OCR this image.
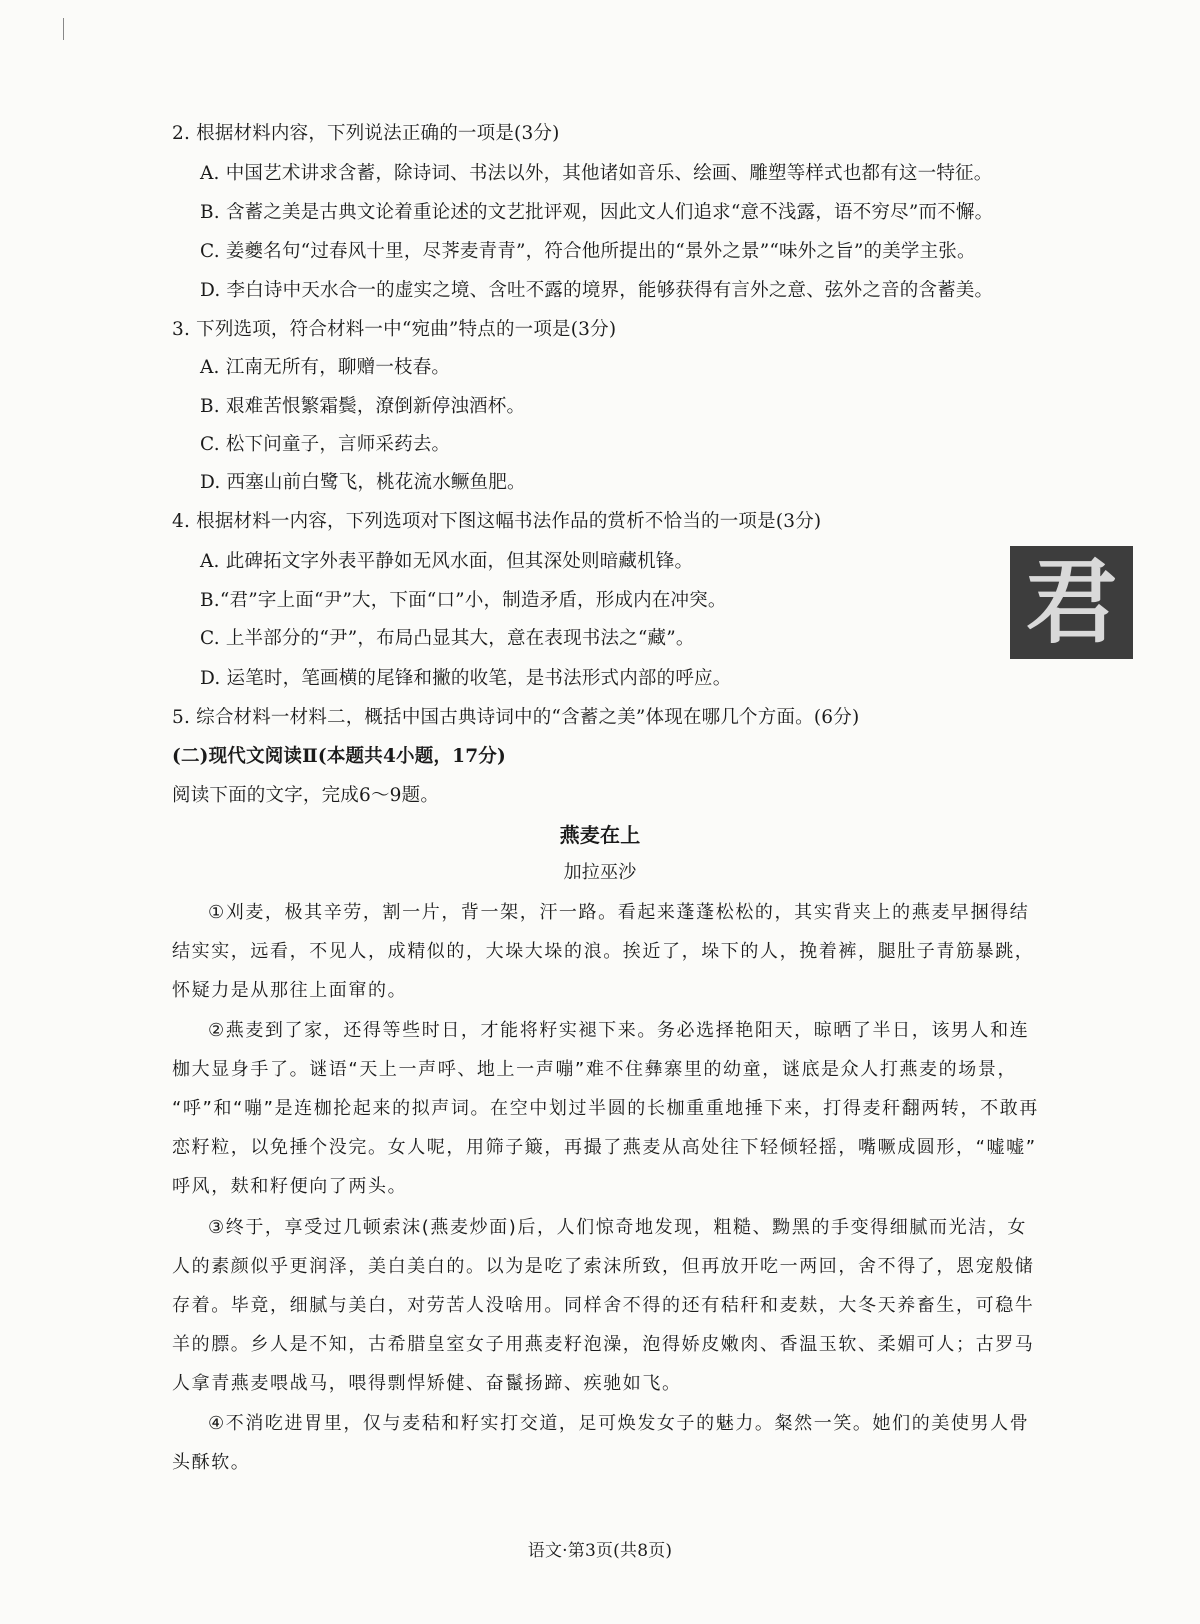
2. 根据材料内容，下列说法正确的一项是(3分)
A. 中国艺术讲求含蓄，除诗词、书法以外，其他诸如音乐、绘画、雕塑等样式也都有这一特征。
B. 含蓄之美是古典文论着重论述的文艺批评观，因此文人们追求“意不浅露，语不穷尽”而不懈。
C. 姜夔名句“过春风十里，尽荠麦青青”，符合他所提出的“景外之景”“味外之旨”的美学主张。
D. 李白诗中天水合一的虚实之境、含吐不露的境界，能够获得有言外之意、弦外之音的含蓄美。
3. 下列选项，符合材料一中“宛曲”特点的一项是(3分)
A. 江南无所有，聊赠一枝春。
B. 艰难苦恨繁霜鬓，潦倒新停浊酒杯。
C. 松下问童子，言师采药去。
D. 西塞山前白鹭飞，桃花流水鳜鱼肥。
4. 根据材料一内容，下列选项对下图这幅书法作品的赏析不恰当的一项是(3分)
A. 此碑拓文字外表平静如无风水面，但其深处则暗藏机锋。
B.“君”字上面“尹”大，下面“口”小，制造矛盾，形成内在冲突。
C. 上半部分的“尹”，布局凸显其大，意在表现书法之“藏”。
D. 运笔时，笔画横的尾锋和撇的收笔，是书法形式内部的呼应。
君
5. 综合材料一材料二，概括中国古典诗词中的“含蓄之美”体现在哪几个方面。(6分)
(二)现代文阅读Ⅱ(本题共4小题，17分)
阅读下面的文字，完成6～9题。
燕麦在上
加拉巫沙
①刈麦，极其辛劳，割一片，背一架，汗一路。看起来蓬蓬松松的，其实背夹上的燕麦早捆得结
结实实，远看，不见人，成精似的，大垛大垛的浪。挨近了，垛下的人，挽着裤，腿肚子青筋暴跳，
怀疑力是从那往上面窜的。
②燕麦到了家，还得等些时日，才能将籽实褪下来。务必选择艳阳天，晾晒了半日，该男人和连
枷大显身手了。谜语“天上一声呼、地上一声嘣”难不住彝寨里的幼童，谜底是众人打燕麦的场景，
“呼”和“嘣”是连枷抡起来的拟声词。在空中划过半圆的长枷重重地捶下来，打得麦秆翻两转，不敢再
恋籽粒，以免捶个没完。女人呢，用筛子簸，再撮了燕麦从高处往下轻倾轻摇，嘴噘成圆形，“嘘嘘”
呼风，麸和籽便向了两头。
③终于，享受过几顿索沫(燕麦炒面)后，人们惊奇地发现，粗糙、黝黑的手变得细腻而光洁，女
人的素颜似乎更润泽，美白美白的。以为是吃了索沫所致，但再放开吃一两回，舍不得了，恩宠般储
存着。毕竟，细腻与美白，对劳苦人没啥用。同样舍不得的还有秸秆和麦麸，大冬天养畜生，可稳牛
羊的膘。乡人是不知，古希腊皇室女子用燕麦籽泡澡，泡得娇皮嫩肉、香温玉软、柔媚可人；古罗马
人拿青燕麦喂战马，喂得剽悍矫健、奋鬣扬蹄、疾驰如飞。
④不消吃进胃里，仅与麦秸和籽实打交道，足可焕发女子的魅力。粲然一笑。她们的美使男人骨
头酥软。
语文·第3页(共8页)
